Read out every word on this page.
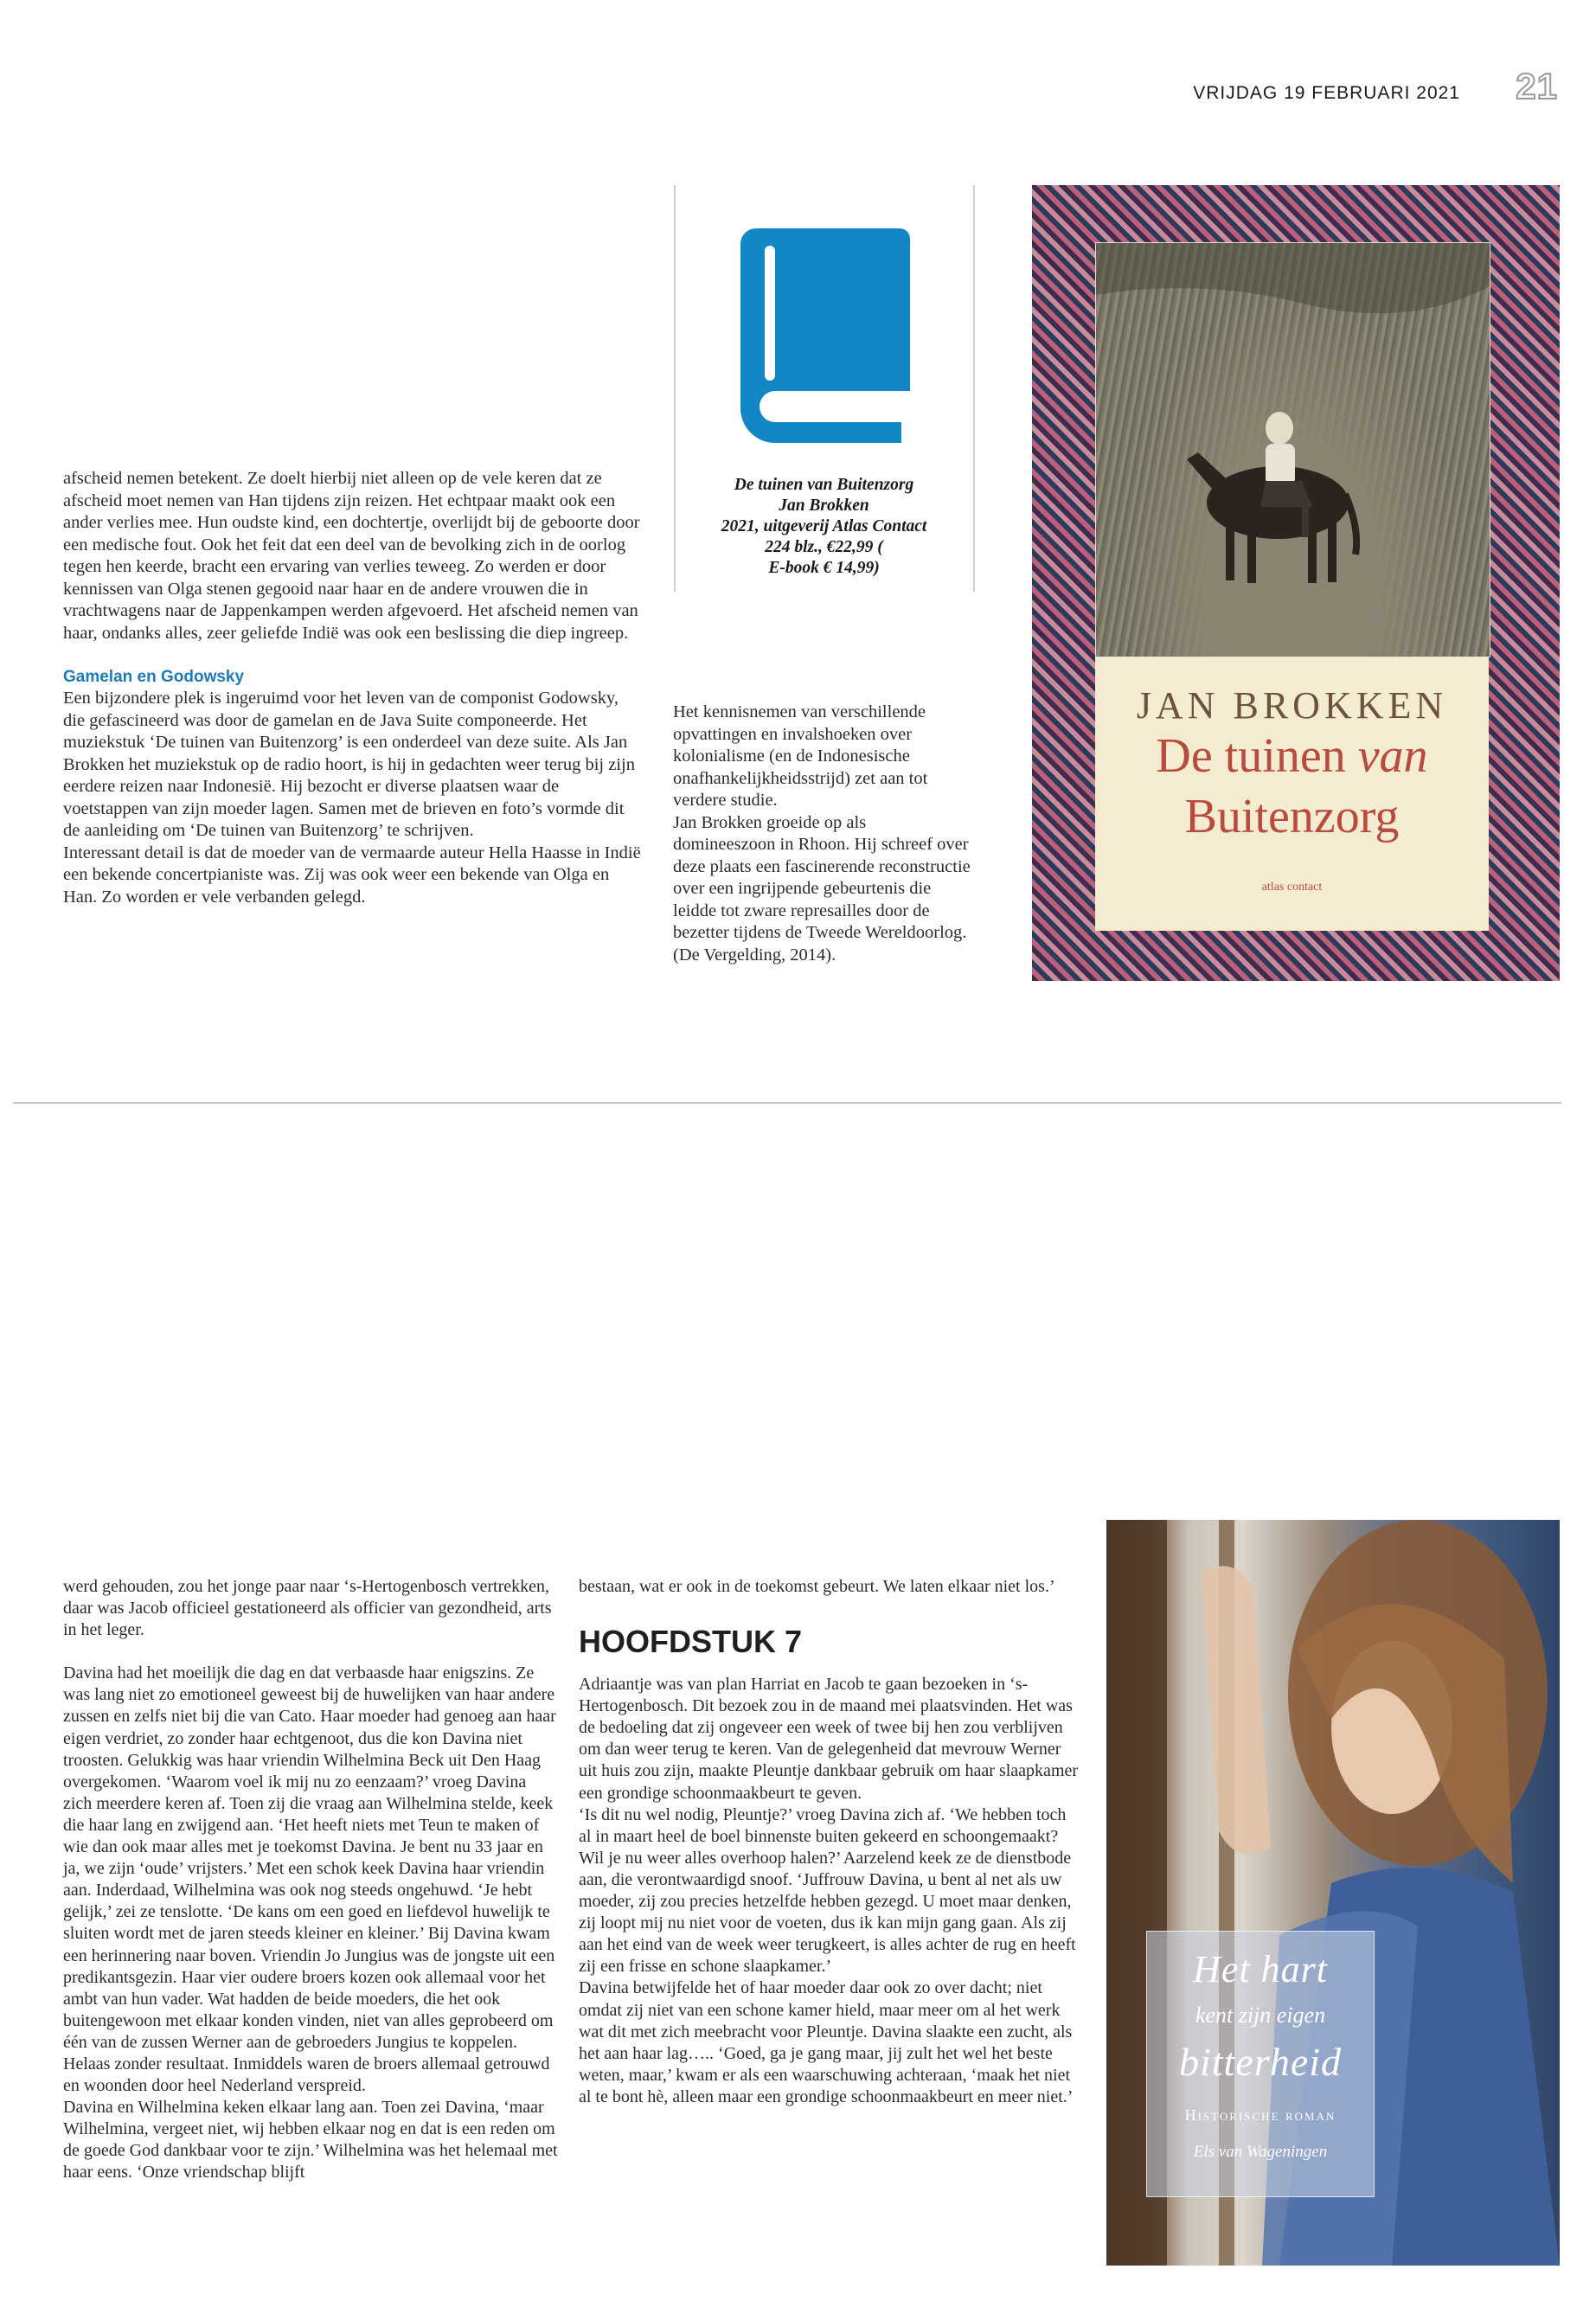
VRIJDAG 19 FEBRUARI 2021 21

afscheid nemen betekent. Ze doelt hierbij niet alleen op de vele keren dat ze afscheid moet nemen van Han tijdens zijn reizen. Het echtpaar maakt ook een ander verlies mee. Hun oudste kind, een dochtertje, overlijdt bij de geboorte door een medische fout. Ook het feit dat een deel van de bevolking zich in de oorlog tegen hen keerde, bracht een ervaring van verlies teweeg. Zo werden er door kennissen van Olga stenen gegooid naar haar en de andere vrouwen die in vrachtwagens naar de Jappenkampen werden afgevoerd. Het afscheid nemen van haar, ondanks alles, zeer geliefde Indië was ook een beslissing die diep ingreep.

Gamelan en Godowsky

Een bijzondere plek is ingeruimd voor het leven van de componist Godowsky, die gefascineerd was door de gamelan en de Java Suite componeerde. Het muziekstuk ‘De tuinen van Buitenzorg’ is een onderdeel van deze suite. Als Jan Brokken het muziekstuk op de radio hoort, is hij in gedachten weer terug bij zijn eerdere reizen naar Indonesië. Hij bezocht er diverse plaatsen waar de voetstappen van zijn moeder lagen. Samen met de brieven en foto’s vormde dit de aanleiding om ‘De tuinen van Buitenzorg’ te schrijven.

Interessant detail is dat de moeder van de vermaarde auteur Hella Haasse in Indië een bekende concertpianiste was. Zij was ook weer een bekende van Olga en Han. Zo worden er vele verbanden gelegd.

De tuinen van Buitenzorg
Jan Brokken
2021, uitgeverij Atlas Contact
224 blz., €22,99 (
E-book € 14,99)

Het kennisnemen van verschillende opvattingen en invalshoeken over kolonialisme (en de Indonesische onafhankelijkheidsstrijd) zet aan tot verdere studie.

Jan Brokken groeide op als domineeszoon in Rhoon. Hij schreef over deze plaats een fascinerende reconstructie over een ingrijpende gebeurtenis die leidde tot zware represailles door de bezetter tijdens de Tweede Wereldoorlog. (De Vergelding, 2014).

JAN BROKKEN
De tuinen van
Buitenzorg
atlas contact

werd gehouden, zou het jonge paar naar ‘s-Hertogenbosch vertrekken, daar was Jacob officieel gestationeerd als officier van gezondheid, arts in het leger.

Davina had het moeilijk die dag en dat verbaasde haar enigszins. Ze was lang niet zo emotioneel geweest bij de huwelijken van haar andere zussen en zelfs niet bij die van Cato. Haar moeder had genoeg aan haar eigen verdriet, zo zonder haar echtgenoot, dus die kon Davina niet troosten. Gelukkig was haar vriendin Wilhelmina Beck uit Den Haag overgekomen. ‘Waarom voel ik mij nu zo eenzaam?’ vroeg Davina zich meerdere keren af. Toen zij die vraag aan Wilhelmina stelde, keek die haar lang en zwijgend aan. ‘Het heeft niets met Teun te maken of wie dan ook maar alles met je toekomst Davina. Je bent nu 33 jaar en ja, we zijn ‘oude’ vrijsters.’ Met een schok keek Davina haar vriendin aan. Inderdaad, Wilhelmina was ook nog steeds ongehuwd. ‘Je hebt gelijk,’ zei ze tenslotte. ‘De kans om een goed en liefdevol huwelijk te sluiten wordt met de jaren steeds kleiner en kleiner.’ Bij Davina kwam een herinnering naar boven. Vriendin Jo Jungius was de jongste uit een predikantsgezin. Haar vier oudere broers kozen ook allemaal voor het ambt van hun vader. Wat hadden de beide moeders, die het ook buitengewoon met elkaar konden vinden, niet van alles geprobeerd om één van de zussen Werner aan de gebroeders Jungius te koppelen. Helaas zonder resultaat. Inmiddels waren de broers allemaal getrouwd en woonden door heel Nederland verspreid.

Davina en Wilhelmina keken elkaar lang aan. Toen zei Davina, ‘maar Wilhelmina, vergeet niet, wij hebben elkaar nog en dat is een reden om de goede God dankbaar voor te zijn.’ Wilhelmina was het helemaal met haar eens. ‘Onze vriendschap blijft

bestaan, wat er ook in de toekomst gebeurt. We laten elkaar niet los.’

HOOFDSTUK 7

Adriaantje was van plan Harriat en Jacob te gaan bezoeken in ‘s-Hertogenbosch. Dit bezoek zou in de maand mei plaatsvinden. Het was de bedoeling dat zij ongeveer een week of twee bij hen zou verblijven om dan weer terug te keren. Van de gelegenheid dat mevrouw Werner uit huis zou zijn, maakte Pleuntje dankbaar gebruik om haar slaapkamer een grondige schoonmaakbeurt te geven.

‘Is dit nu wel nodig, Pleuntje?’ vroeg Davina zich af. ‘We hebben toch al in maart heel de boel binnenste buiten gekeerd en schoongemaakt? Wil je nu weer alles overhoop halen?’ Aarzelend keek ze de dienstbode aan, die verontwaardigd snoof. ‘Juffrouw Davina, u bent al net als uw moeder, zij zou precies hetzelfde hebben gezegd. U moet maar denken, zij loopt mij nu niet voor de voeten, dus ik kan mijn gang gaan. Als zij aan het eind van de week weer terugkeert, is alles achter de rug en heeft zij een frisse en schone slaapkamer.’

Davina betwijfelde het of haar moeder daar ook zo over dacht; niet omdat zij niet van een schone kamer hield, maar meer om al het werk wat dit met zich meebracht voor Pleuntje. Davina slaakte een zucht, als het aan haar lag….. ‘Goed, ga je gang maar, jij zult het wel het beste weten, maar,’ kwam er als een waarschuwing achteraan, ‘maak het niet al te bont hè, alleen maar een grondige schoonmaakbeurt en meer niet.’

Het hart
kent zijn eigen
bitterheid
Historische roman
Els van Wageningen
